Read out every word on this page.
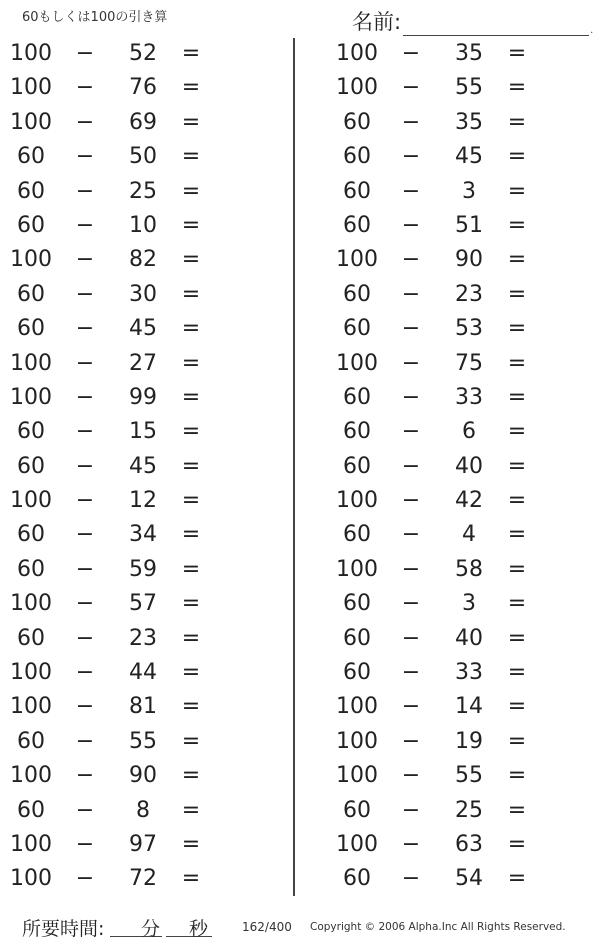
60もしくは100の引き算	名前:	.
100	−	52	=
100	−	76	=
100	−	69	=
60	−	50	=
60	−	25	=
60	−	10	=
100	−	82	=
60	−	30	=
60	−	45	=
100	−	27	=
100	−	99	=
60	−	15	=
60	−	45	=
100	−	12	=
60	−	34	=
60	−	59	=
100	−	57	=
60	−	23	=
100	−	44	=
100	−	81	=
60	−	55	=
100	−	90	=
60	−	8	=
100	−	97	=
100	−	72	=
100	−	35	=
100	−	55	=
60	−	35	=
60	−	45	=
60	−	3	=
60	−	51	=
100	−	90	=
60	−	23	=
60	−	53	=
100	−	75	=
60	−	33	=
60	−	6	=
60	−	40	=
100	−	42	=
60	−	4	=
100	−	58	=
60	−	3	=
60	−	40	=
60	−	33	=
100	−	14	=
100	−	19	=
100	−	55	=
60	−	25	=
100	−	63	=
60	−	54	=
所要時間: 分 秒	162/400 Copyright © 2006 Alpha.Inc All Rights Reserved.
